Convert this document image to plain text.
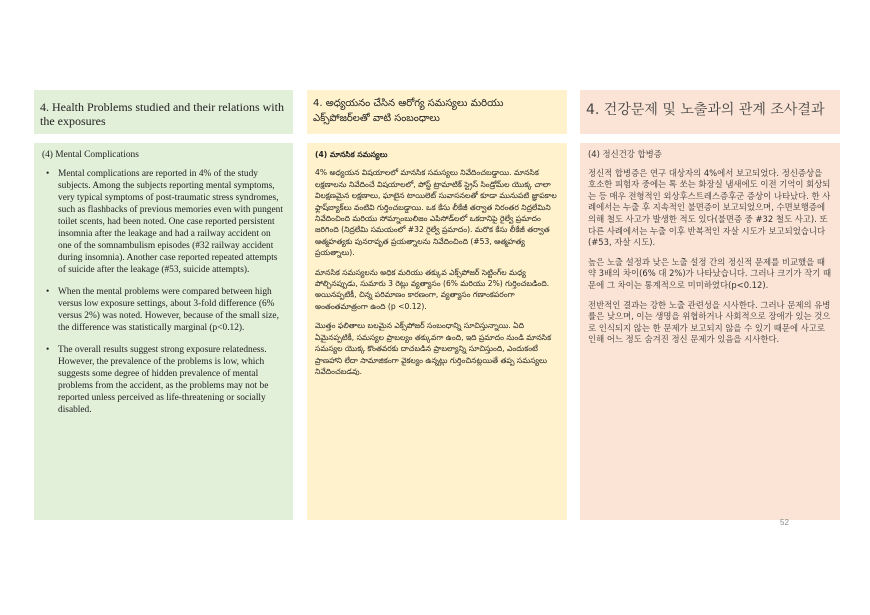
4. Health Problems studied and their relations with the exposures
(4) Mental Complications
• Mental complications are reported in 4% of the study subjects. Among the subjects reporting mental symptoms, very typical symptoms of post-traumatic stress syndromes, such as flashbacks of previous memories even with pungent toilet scents, had been noted. One case reported persistent insomnia after the leakage and had a railway accident on one of the somnambulism episodes (#32 railway accident during insomnia). Another case reported repeated attempts of suicide after the leakage (#53, suicide attempts).
• When the mental problems were compared between high versus low exposure settings, about 3-fold difference (6% versus 2%) was noted. However, because of the small size, the difference was statistically marginal (p<0.12).
• The overall results suggest strong exposure relatedness. However, the prevalence of the problems is low, which suggests some degree of hidden prevalence of mental problems from the accident, as the problems may not be reported unless perceived as life-threatening or socially disabled.
4. అధ్యయనం చేసిన ఆరోగ్య సమస్యలు మరియు ఎక్స్‌పోజర్‌లతో వాటి సంబంధాలు
(4) మానసిక సమస్యలు

4% అధ్యయన విషయాలలో మానసిక సమస్యలు నివేదించబడ్డాయి. మానసిక లక్షణాలను నివేదించే విషయాలలో, పోస్ట్ ట్రామాటిక్ స్ట్రెస్ సిండ్రోమ్‌ల యొక్క చాలా విలక్షణమైన లక్షణాలు, ఘాటైన టాయిలెట్ సువాసనలతో కూడా మునుపటి జ్ఞాపకాల ఫ్లాష్‌బ్యాక్‌లు వంటివి గుర్తించబడ్డాయి. ఒక కేసు లీకేజీ తర్వాత నిరంతర నిద్రలేమిని నివేదించింది మరియు సోమ్నాంబులిజం ఎపిసోడ్‌లలో ఒకదానిపై రైల్వే ప్రమాదం జరిగింది (నిద్రలేమి సమయంలో #32 రైల్వే ప్రమాదం). మరొక కేసు లీకేజీ తర్వాత ఆత్మహత్యకు పునరావృత ప్రయత్నాలను నివేదించింది (#53, ఆత్మహత్య ప్రయత్నాలు).

మానసిక సమస్యలను అధిక మరియు తక్కువ ఎక్స్‌పోజర్ సెట్టింగ్‌ల మధ్య పోల్చినప్పుడు, సుమారు 3 రెట్లు వ్యత్యాసం (6% మరియు 2%) గుర్తించబడింది. అయినప్పటికీ, చిన్న పరిమాణం కారణంగా, వ్యత్యాసం గణాంకపరంగా అంతంతమాత్రంగా ఉంది (p <0.12).

మొత్తం ఫలితాలు బలమైన ఎక్స్‌పోజర్ సంబంధాన్ని సూచిస్తున్నాయి. ఏది ఏమైనప్పటికీ, సమస్యల ప్రాబల్యం తక్కువగా ఉంది, ఇది ప్రమాదం నుండి మానసిక సమస్యల యొక్క కొంతవరకు దాచబడిన ప్రాబల్యాన్ని సూచిస్తుంది, ఎందుకంటే ప్రాణహాని లేదా సామాజికంగా వైకల్యం ఉన్నట్లు గుర్తించినట్లయితే తప్ప సమస్యలు నివేదించబడవు.

4. 건강문제 및 노출과의 관계 조사결과
(4) 정신건강 합병증

정신적 합병증은 연구 대상자의 4%에서 보고되었다. 정신증상을 호소한 피험자 중에는 톡 쏘는 화장실 냄새에도 이전 기억이 회상되는 등 매우 전형적인 외상후스트레스증후군 증상이 나타났다. 한 사례에서는 누출 후 지속적인 불면증이 보고되었으며, 수면보행증에 의해 철도 사고가 발생한 적도 있다(불면증 중 #32 철도 사고). 또 다른 사례에서는 누출 이후 반복적인 자살 시도가 보고되었습니다(#53, 자살 시도).

높은 노출 설정과 낮은 노출 설정 간의 정신적 문제를 비교했을 때 약 3배의 차이(6% 대 2%)가 나타났습니다. 그러나 크기가 작기 때문에 그 차이는 통계적으로 미미하였다(p<0.12).

전반적인 결과는 강한 노출 관련성을 시사한다. 그러나 문제의 유병률은 낮으며, 이는 생명을 위협하거나 사회적으로 장애가 있는 것으로 인식되지 않는 한 문제가 보고되지 않을 수 있기 때문에 사고로 인해 어느 정도 숨겨진 정신 문제가 있음을 시사한다.

52
